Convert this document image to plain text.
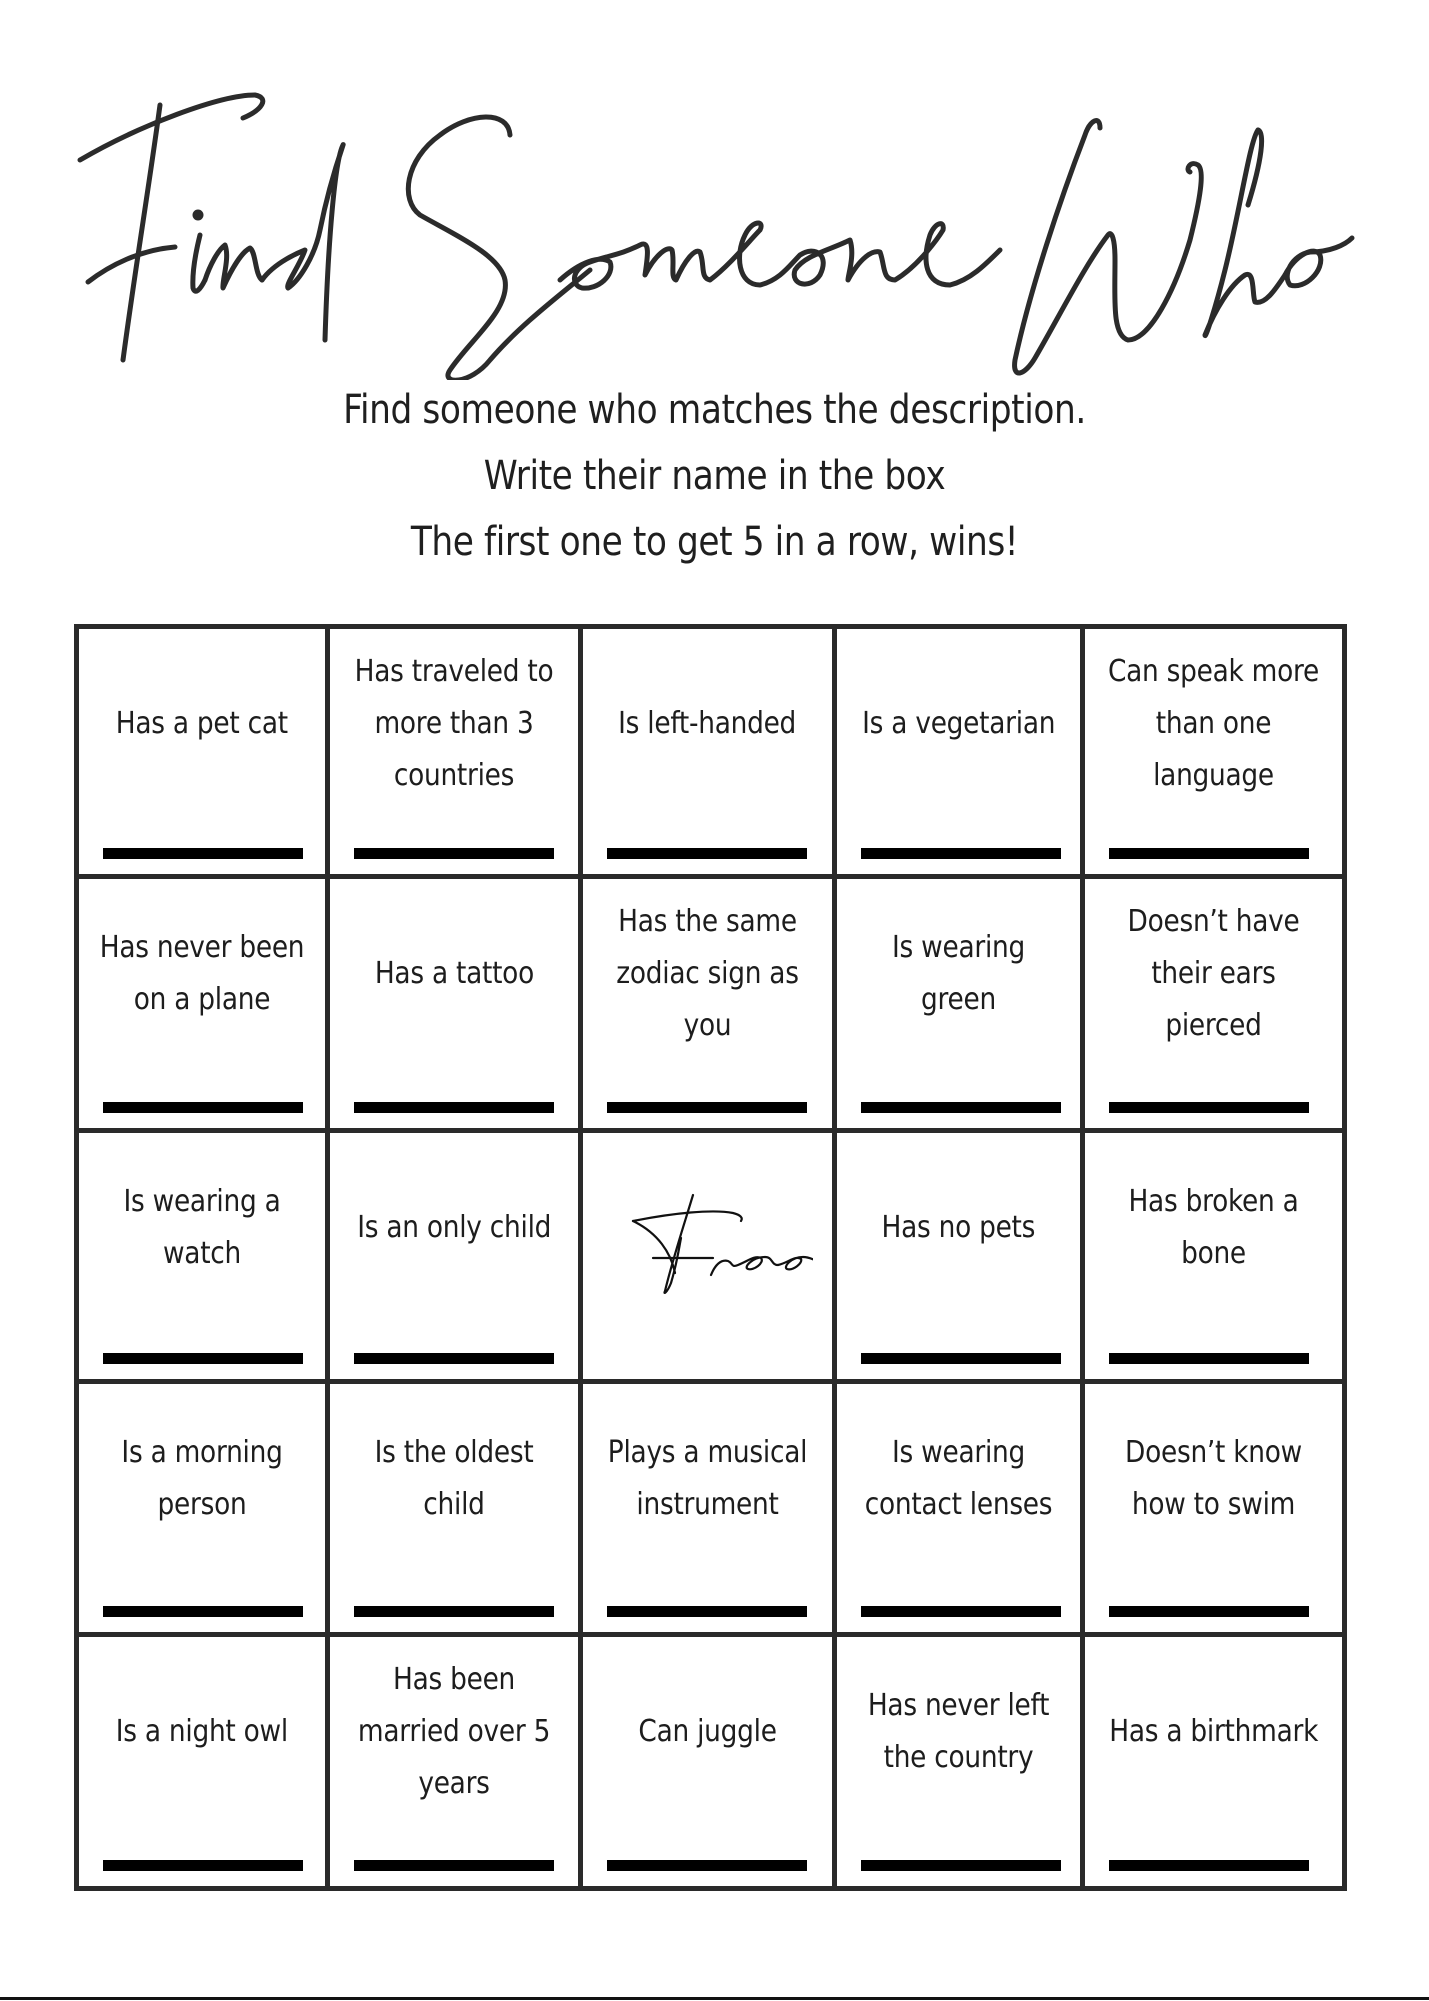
Find someone who matches the description.
Write their name in the box
The first one to get 5 in a row, wins!
Has a pet cat
Has traveled to more than 3 countries
Is left-handed Is a vegetarian
Can speak more than one language
Has never been on a plane
Has a tattoo
Has the same zodiac sign as you
Is wearing green
Doesn’t have their ears pierced
Is wearing a watch
Is an only child	Has no pets
Has broken a bone
Is a morning person
Is the oldest child
Plays a musical instrument
Is wearing contact lenses
Doesn’t know how to swim
Is a night owl
Has been married over 5 years
Can juggle
Has never left the country
Has a birthmark
